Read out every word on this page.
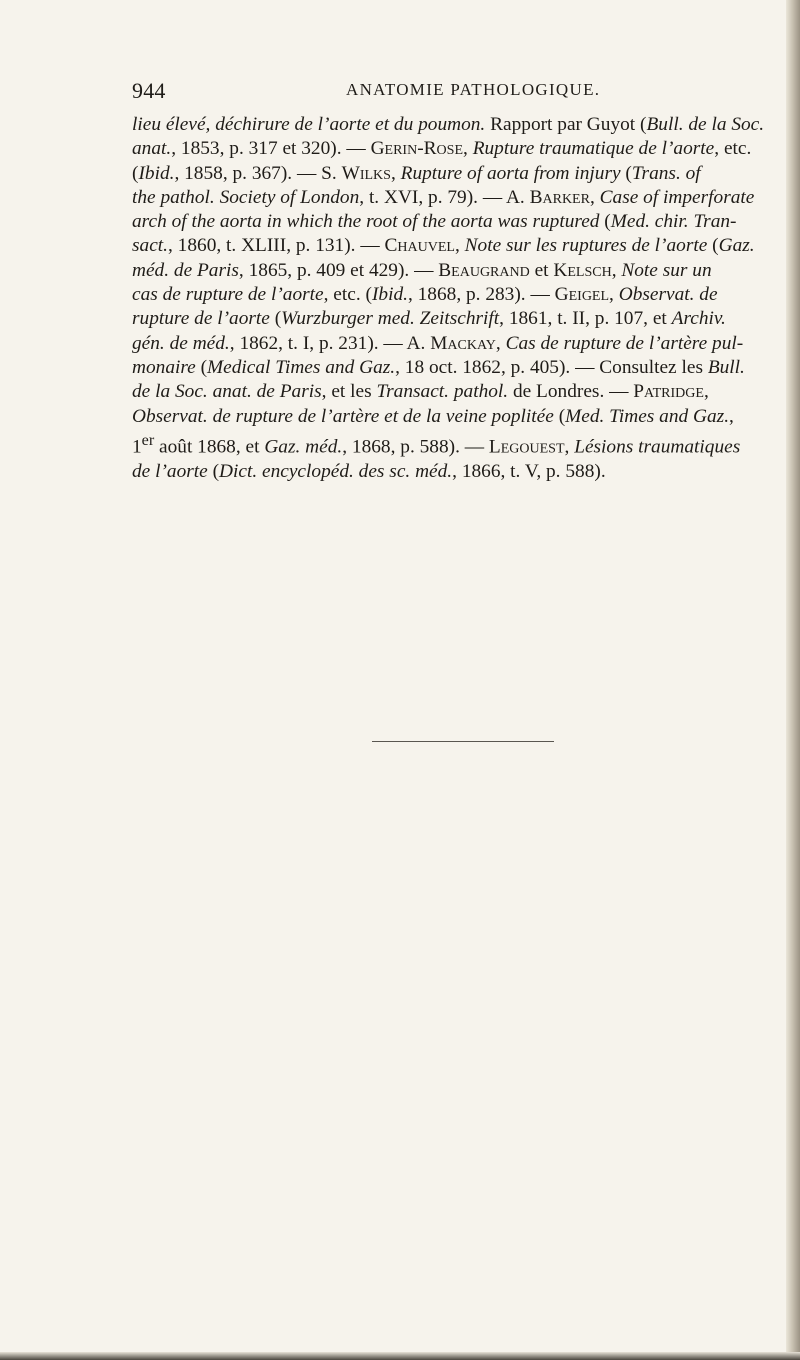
944	ANATOMIE PATHOLOGIQUE.
lieu élevé, déchirure de l’aorte et du poumon. Rapport par Guyot (Bull. de la Soc.
anat., 1853, p. 317 et 320). — Gerin-Rose, Rupture traumatique de l’aorte, etc.
(Ibid., 1858, p. 367). — S. Wilks, Rupture of aorta from injury (Trans. of
the pathol. Society of London, t. XVI, p. 79). — A. Barker, Case of imperforate
arch of the aorta in which the root of the aorta was ruptured (Med. chir. Tran-
sact., 1860, t. XLIII, p. 131). — Chauvel, Note sur les ruptures de l’aorte (Gaz.
méd. de Paris, 1865, p. 409 et 429). — Beaugrand et Kelsch, Note sur un
cas de rupture de l’aorte, etc. (Ibid., 1868, p. 283). — Geigel, Observat. de
rupture de l’aorte (Wurzburger med. Zeitschrift, 1861, t. II, p. 107, et Archiv.
gén. de méd., 1862, t. I, p. 231). — A. Mackay, Cas de rupture de l’artère pul-
monaire (Medical Times and Gaz., 18 oct. 1862, p. 405). — Consultez les Bull.
de la Soc. anat. de Paris, et les Transact. pathol. de Londres. — Patridge,
Observat. de rupture de l’artère et de la veine poplitée (Med. Times and Gaz.,
1er août 1868, et Gaz. méd., 1868, p. 588). — Legouest, Lésions traumatiques
de l’aorte (Dict. encyclopéd. des sc. méd., 1866, t. V, p. 588).
